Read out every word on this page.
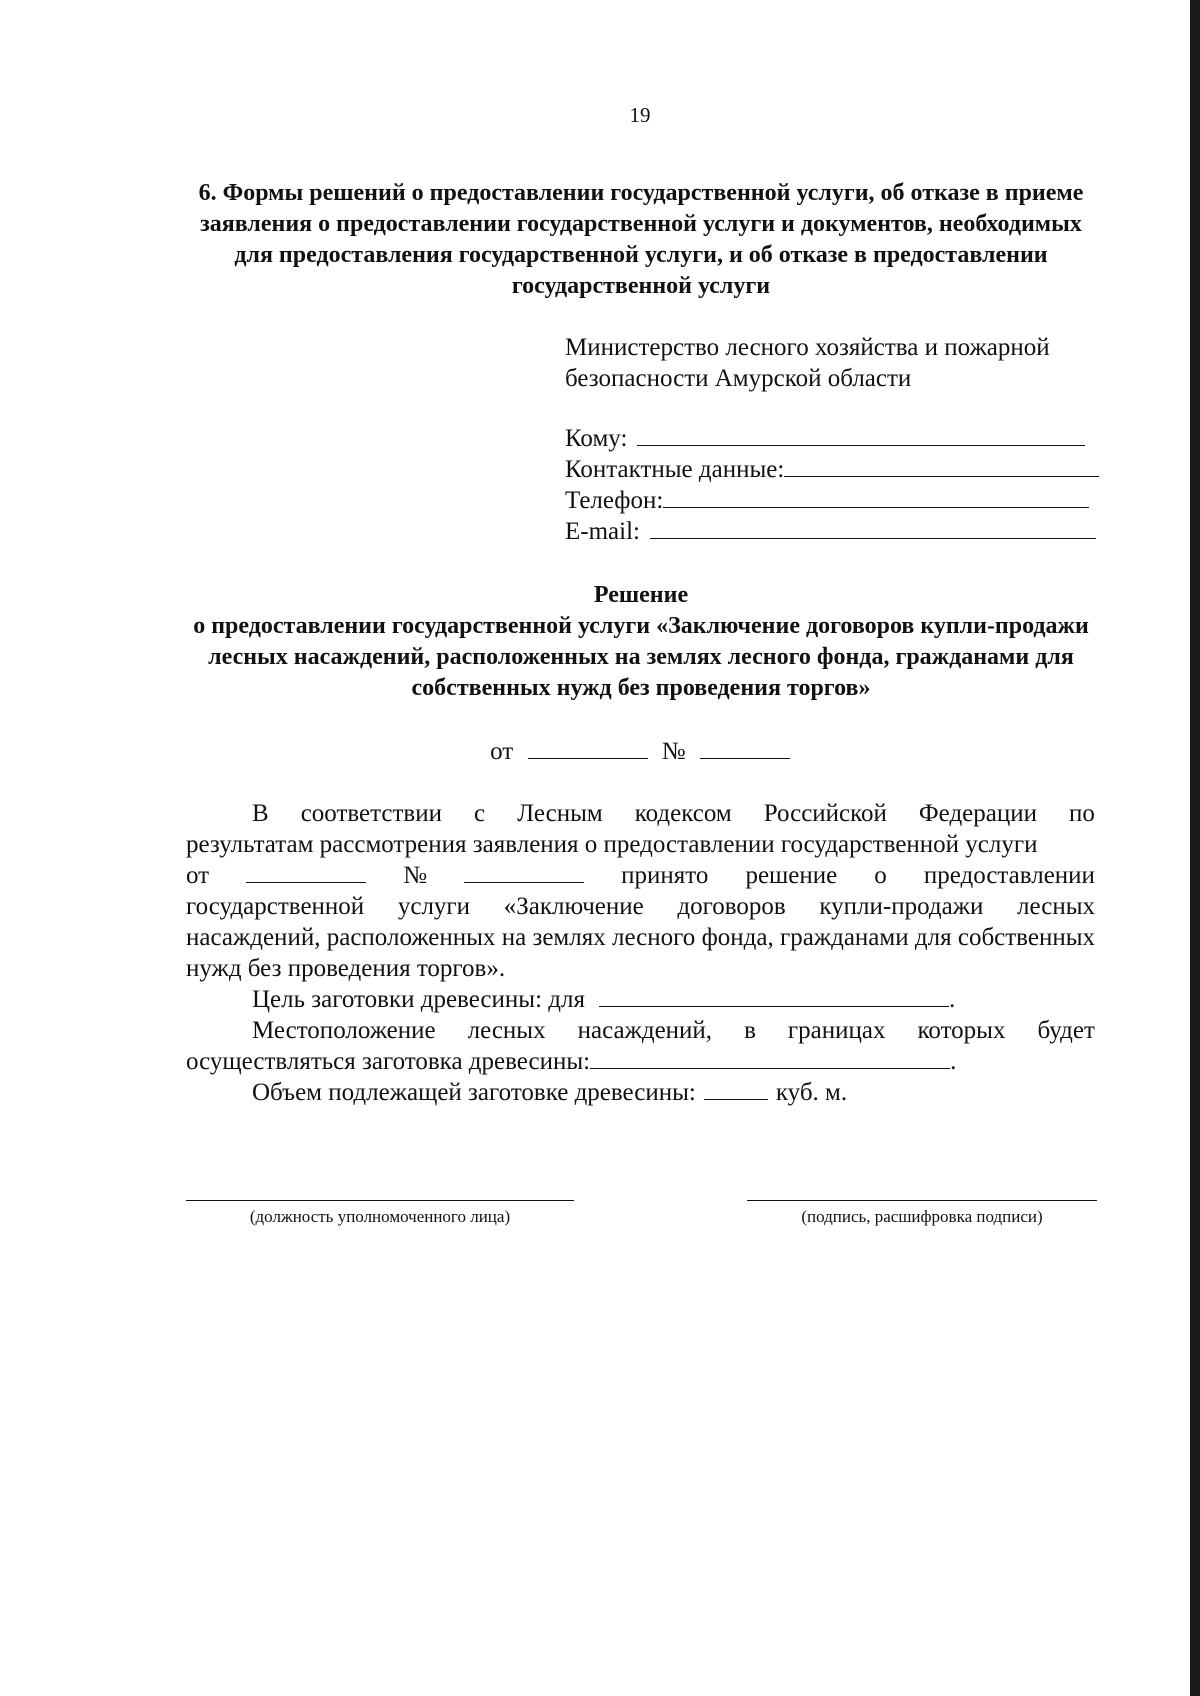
19
6. Формы решений о предоставлении государственной услуги, об отказе в приеме заявления о предоставлении государственной услуги и документов, необходимых для предоставления государственной услуги, и об отказе в предоставлении государственной услуги
Министерство лесного хозяйства и пожарной безопасности Амурской области
Кому:
Контактные данные:
Телефон:
E-mail:
Решение
о предоставлении государственной услуги «Заключение договоров купли-продажи лесных насаждений, расположенных на землях лесного фонда, гражданами для собственных нужд без проведения торгов»
от	№
В соответствии с Лесным кодексом Российской Федерации по
результатам рассмотрения заявления о предоставлении государственной услуги
от	№	принято решение о предоставлении

государственной услуги «Заключение договоров купли-продажи лесных насаждений, расположенных на землях лесного фонда, гражданами для собственных нужд без проведения торгов».

Цель заготовки древесины: для	.
Местоположение лесных насаждений, в границах которых будет
осуществляться заготовка древесины:	.
Объем подлежащей заготовке древесины:	куб. м.
(должность уполномоченного лица)	(подпись, расшифровка подписи)
